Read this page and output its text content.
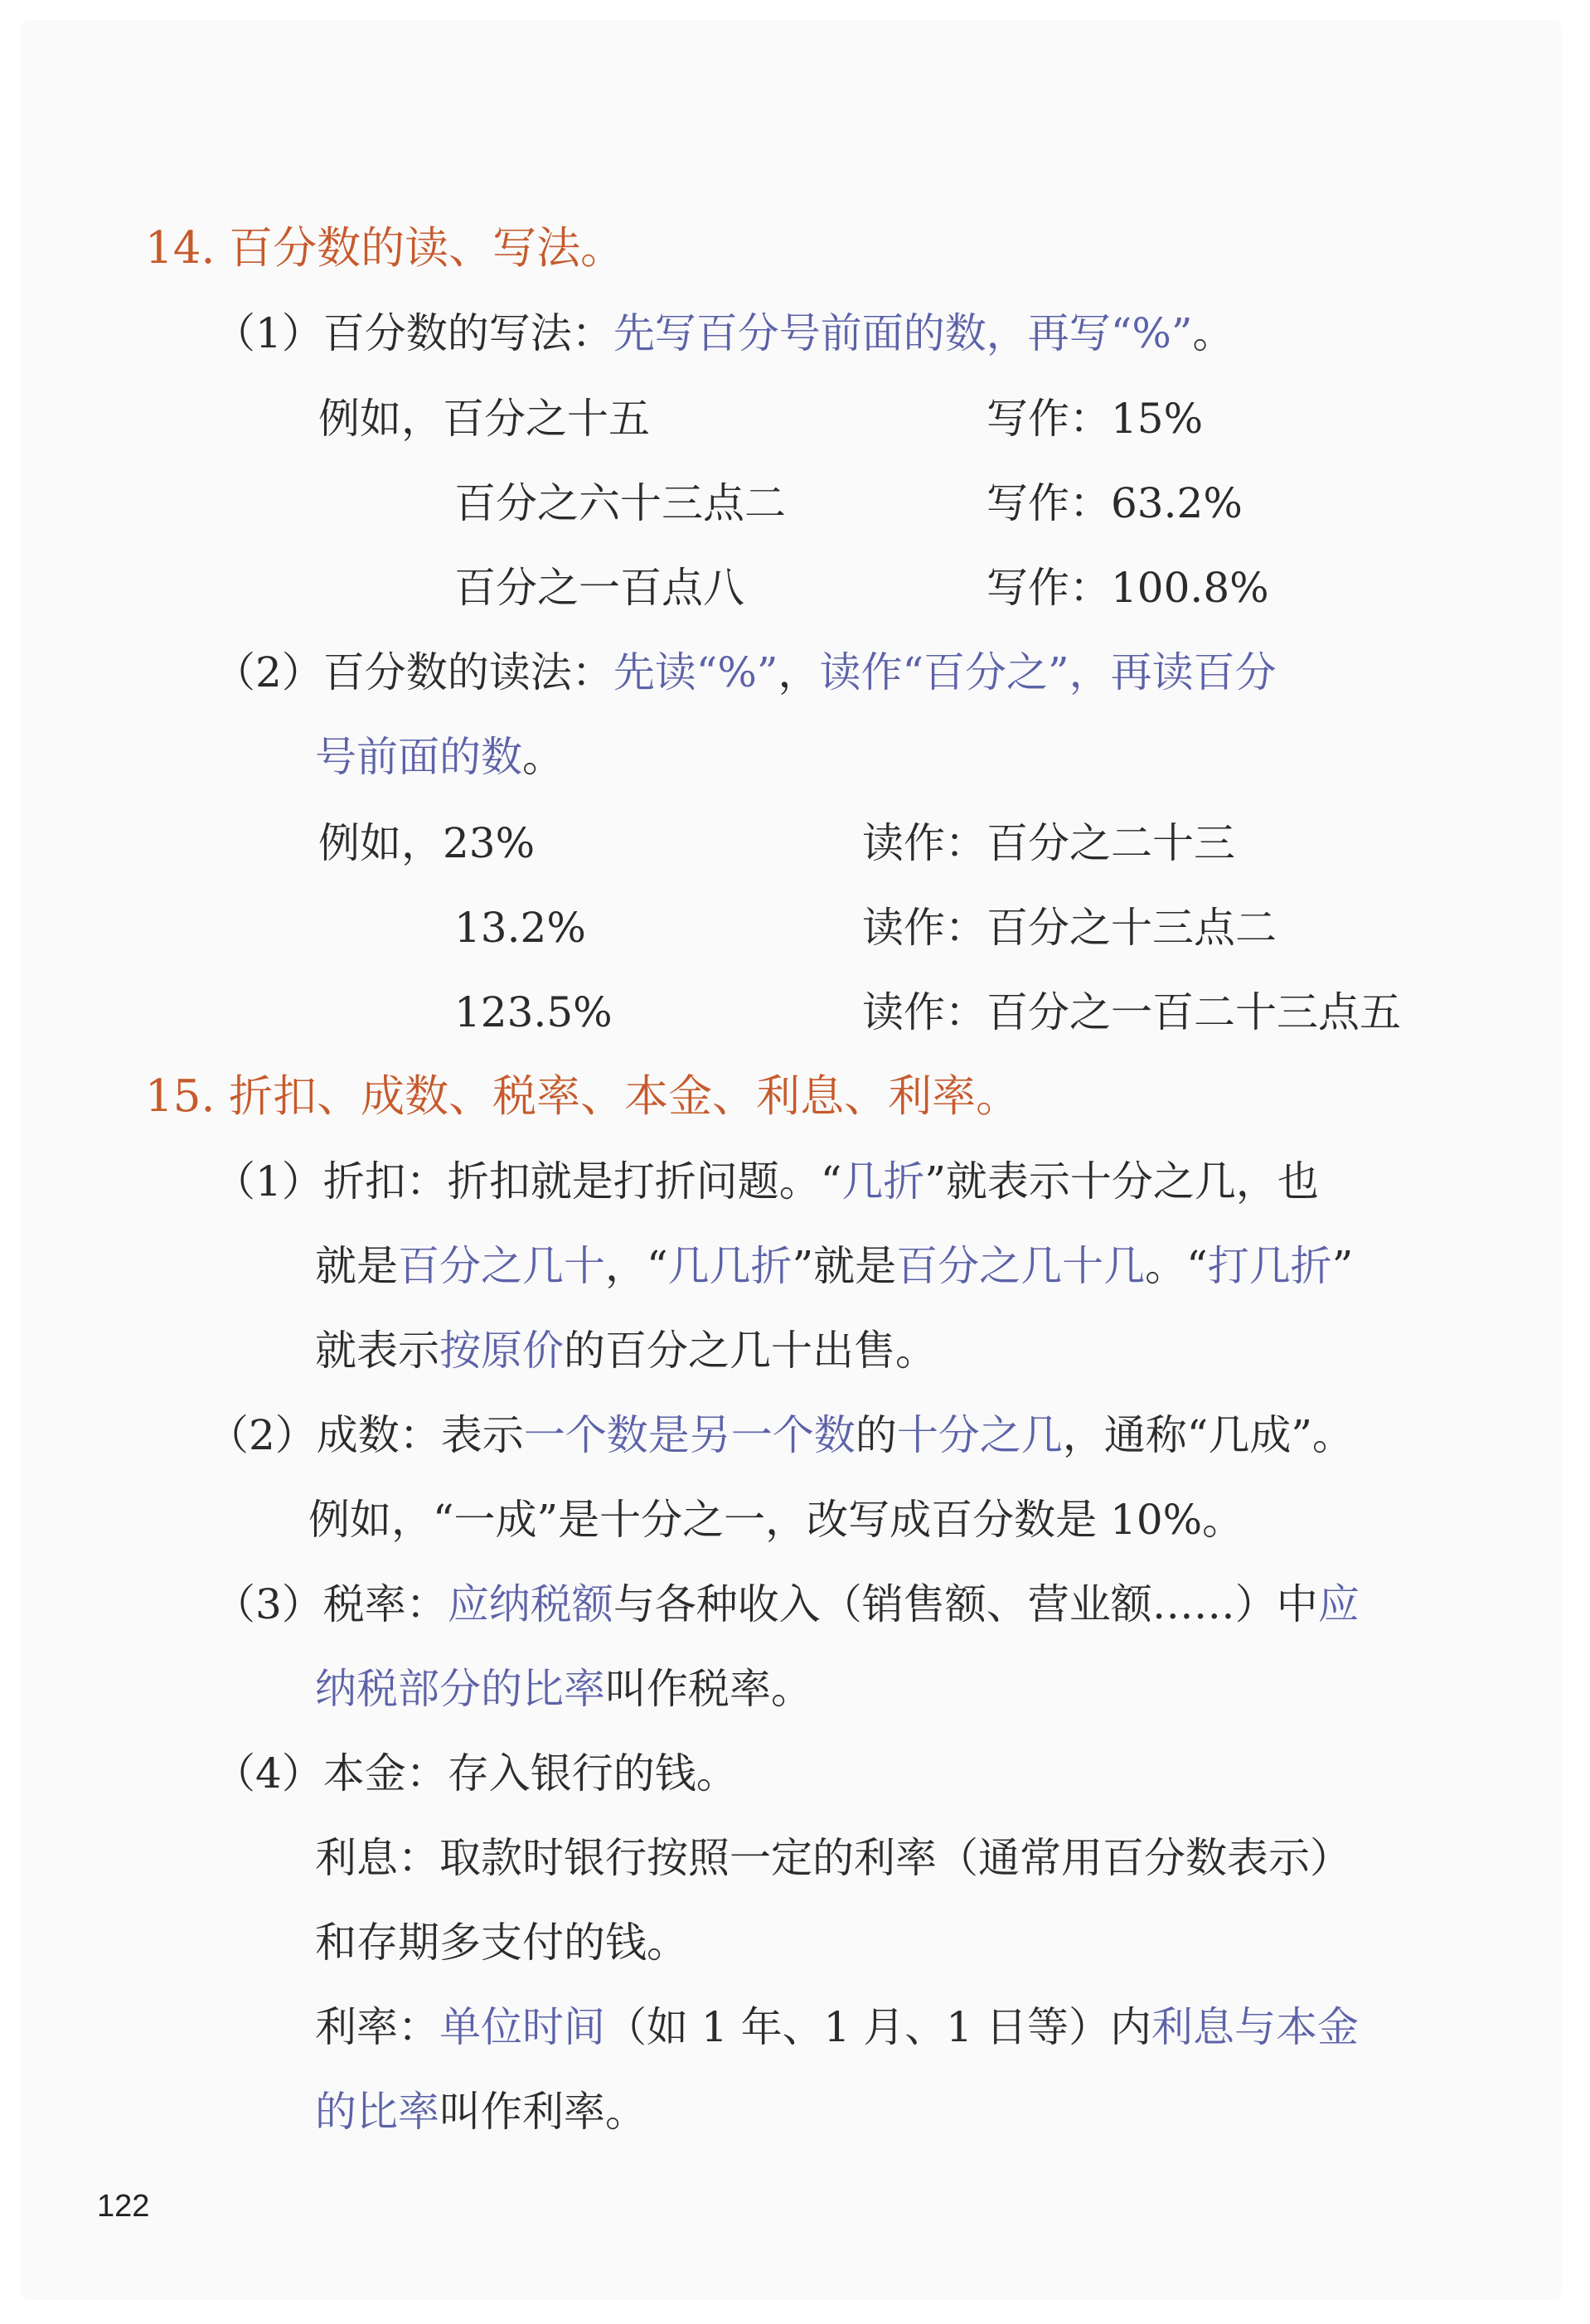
14. 百分数的读、写法。
（1）百分数的写法：先写百分号前面的数，再写“%”。
例如，百分之十五	写作：15%
百分之六十三点二	写作：63.2%
百分之一百点八	写作：100.8%
（2）百分数的读法：先读“%”，读作“百分之”，再读百分
号前面的数。
例如，23%	读作：百分之二十三
13.2%	读作：百分之十三点二
123.5%	读作：百分之一百二十三点五
15. 折扣、成数、税率、本金、利息、利率。
（1）折扣：折扣就是打折问题。“几折”就表示十分之几，也
就是百分之几十，“几几折”就是百分之几十几。“打几折”
就表示按原价的百分之几十出售。
（2）成数：表示一个数是另一个数的十分之几，通称“几成”。
例如，“一成”是十分之一，改写成百分数是 10%。
（3）税率：应纳税额与各种收入（销售额、营业额……）中应
纳税部分的比率叫作税率。
（4）本金：存入银行的钱。
利息：取款时银行按照一定的利率（通常用百分数表示）
和存期多支付的钱。
利率：单位时间（如 1 年、1 月、1 日等）内利息与本金
的比率叫作利率。
122
